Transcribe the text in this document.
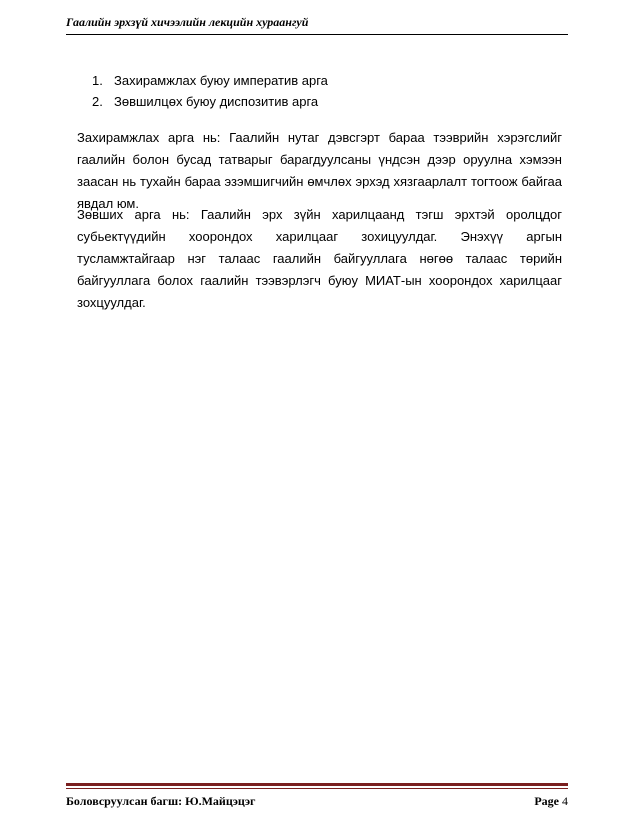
Гаалийн эрхзүй хичээлийн лекцийн хураангуй
1. Захирамжлах буюу императив арга
2. Зөвшилцөх буюу диспозитив арга

Захирамжлах арга нь: Гаалийн нутаг дэвсгэрт бараа тээврийн хэрэгслийг гаалийн болон бусад татварыг барагдуулсаны үндсэн дээр оруулна хэмээн заасан нь тухайн бараа эзэмшигчийн өмчлөх эрхэд хязгаарлалт тогтоож байгаа явдал юм.

Зөвших арга нь: Гаалийн эрх зүйн харилцаанд тэгш эрхтэй оролцдог субьектүүдийн хоорондох харилцааг зохицуулдаг. Энэхүү аргын тусламжтайгаар нэг талаас гаалийн байгууллага нөгөө талаас төрийн байгууллага болох гаалийн тээвэрлэгч буюу МИАТ-ын хоорондох харилцааг зохцуулдаг.

Боловсруулсан багш: Ю.Майцэцэг	Page 4
